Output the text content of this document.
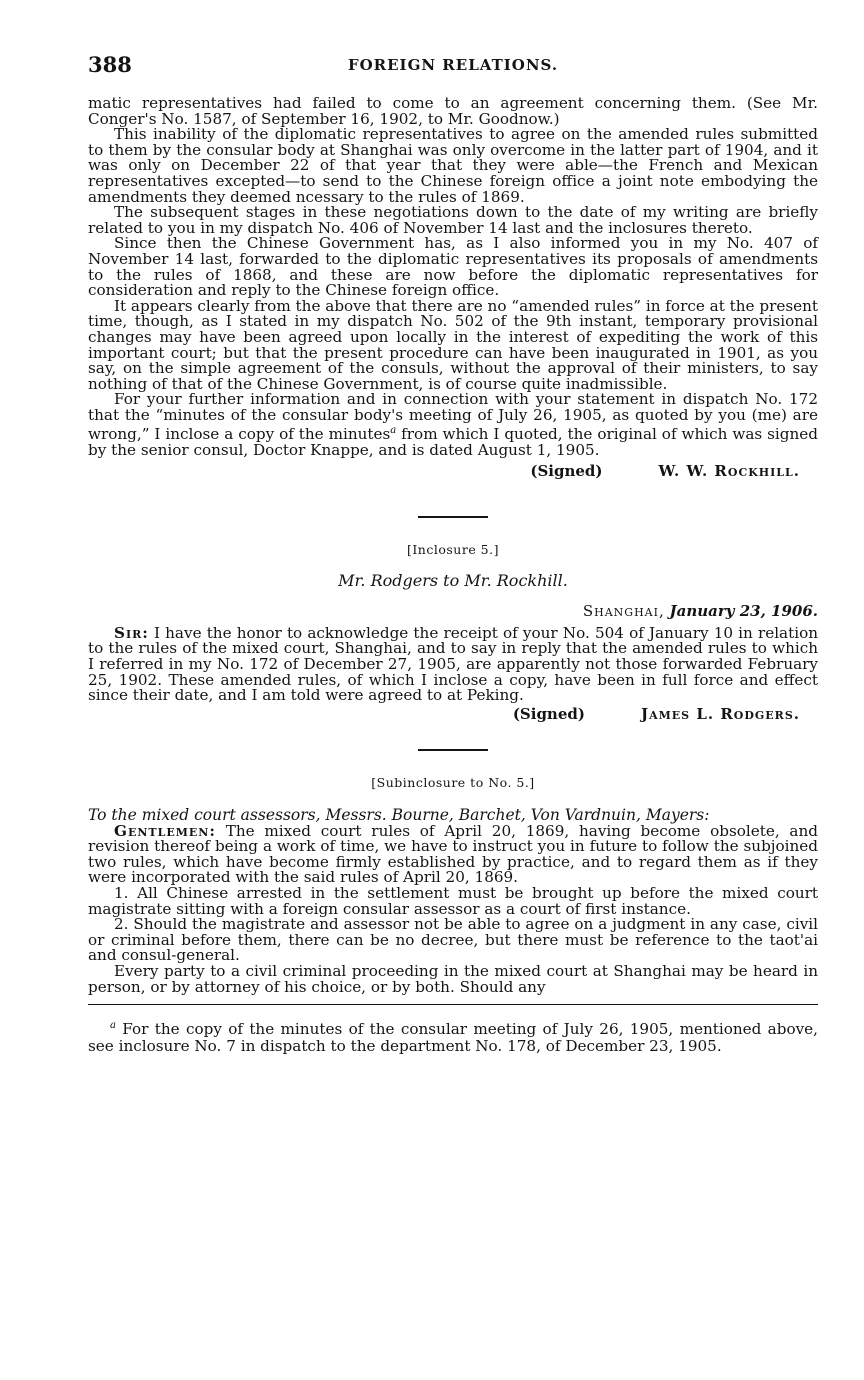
388	FOREIGN RELATIONS.

matic representatives had failed to come to an agreement concerning them. (See Mr. Conger's No. 1587, of September 16, 1902, to Mr. Goodnow.)

This inability of the diplomatic representatives to agree on the amended rules submitted to them by the consular body at Shanghai was only overcome in the latter part of 1904, and it was only on December 22 of that year that they were able—the French and Mexican representatives excepted—to send to the Chinese foreign office a joint note embodying the amendments they deemed ncessary to the rules of 1869.

The subsequent stages in these negotiations down to the date of my writing are briefly related to you in my dispatch No. 406 of November 14 last and the inclosures thereto.

Since then the Chinese Government has, as I also informed you in my No. 407 of November 14 last, forwarded to the diplomatic representatives its proposals of amendments to the rules of 1868, and these are now before the diplomatic representatives for consideration and reply to the Chinese foreign office.

It appears clearly from the above that there are no “amended rules” in force at the present time, though, as I stated in my dispatch No. 502 of the 9th instant, temporary provisional changes may have been agreed upon locally in the interest of expediting the work of this important court; but that the present procedure can have been inaugurated in 1901, as you say, on the simple agreement of the consuls, without the approval of their ministers, to say nothing of that of the Chinese Government, is of course quite inadmissible.

For your further information and in connection with your statement in dispatch No. 172 that the “minutes of the consular body's meeting of July 26, 1905, as quoted by you (me) are wrong,” I inclose a copy of the minutes$^a$ from which I quoted, the original of which was signed by the senior consul, Doctor Knappe, and is dated August 1, 1905.

(Signed)	W. W. Rockhill.
[Inclosure 5.]
Mr. Rodgers to Mr. Rockhill.
Shanghai, January 23, 1906.

Sir: I have the honor to acknowledge the receipt of your No. 504 of January 10 in relation to the rules of the mixed court, Shanghai, and to say in reply that the amended rules to which I referred in my No. 172 of December 27, 1905, are apparently not those forwarded February 25, 1902. These amended rules, of which I inclose a copy, have been in full force and effect since their date, and I am told were agreed to at Peking.

(Signed)	James L. Rodgers.
[Subinclosure to No. 5.]
To the mixed court assessors, Messrs. Bourne, Barchet, Von Vardnuin, Mayers:

Gentlemen: The mixed court rules of April 20, 1869, having become obsolete, and revision thereof being a work of time, we have to instruct you in future to follow the subjoined two rules, which have become firmly established by practice, and to regard them as if they were incorporated with the said rules of April 20, 1869.

1. All Chinese arrested in the settlement must be brought up before the mixed court magistrate sitting with a foreign consular assessor as a court of first instance.

2. Should the magistrate and assessor not be able to agree on a judgment in any case, civil or criminal before them, there can be no decree, but there must be reference to the taot'ai and consul-general.

Every party to a civil criminal proceeding in the mixed court at Shanghai may be heard in person, or by attorney of his choice, or by both. Should any

$^a$ For the copy of the minutes of the consular meeting of July 26, 1905, mentioned above, see inclosure No. 7 in dispatch to the department No. 178, of December 23, 1905.
